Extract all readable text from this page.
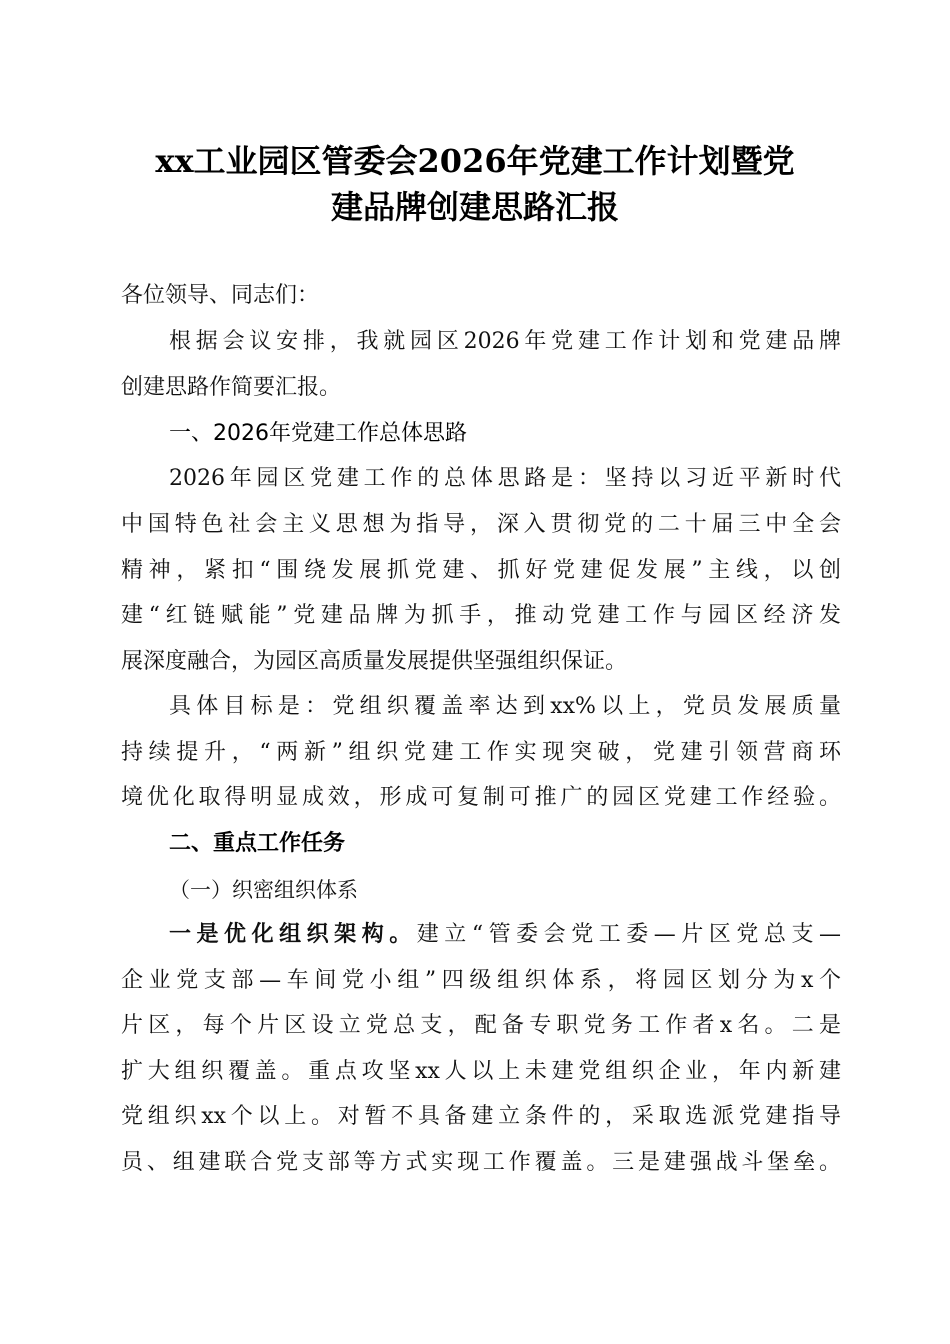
xx工业园区管委会2026年党建工作计划暨党
建品牌创建思路汇报
各位领导、同志们：
根据会议安排，我就园区2026年党建工作计划和党建品牌
创建思路作简要汇报。
一、2026年党建工作总体思路
2026年园区党建工作的总体思路是：坚持以习近平新时代
中国特色社会主义思想为指导，深入贯彻党的二十届三中全会
精神，紧扣“围绕发展抓党建、抓好党建促发展”主线，以创
建“红链赋能”党建品牌为抓手，推动党建工作与园区经济发
展深度融合，为园区高质量发展提供坚强组织保证。
具体目标是：党组织覆盖率达到xx%以上，党员发展质量
持续提升，“两新”组织党建工作实现突破，党建引领营商环
境优化取得明显成效，形成可复制可推广的园区党建工作经验。
二、重点工作任务
（一）织密组织体系
一是优化组织架构。建立“管委会党工委—片区党总支—
企业党支部—车间党小组”四级组织体系，将园区划分为x个
片区，每个片区设立党总支，配备专职党务工作者x名。二是
扩大组织覆盖。重点攻坚xx人以上未建党组织企业，年内新建
党组织xx个以上。对暂不具备建立条件的，采取选派党建指导
员、组建联合党支部等方式实现工作覆盖。三是建强战斗堡垒。
